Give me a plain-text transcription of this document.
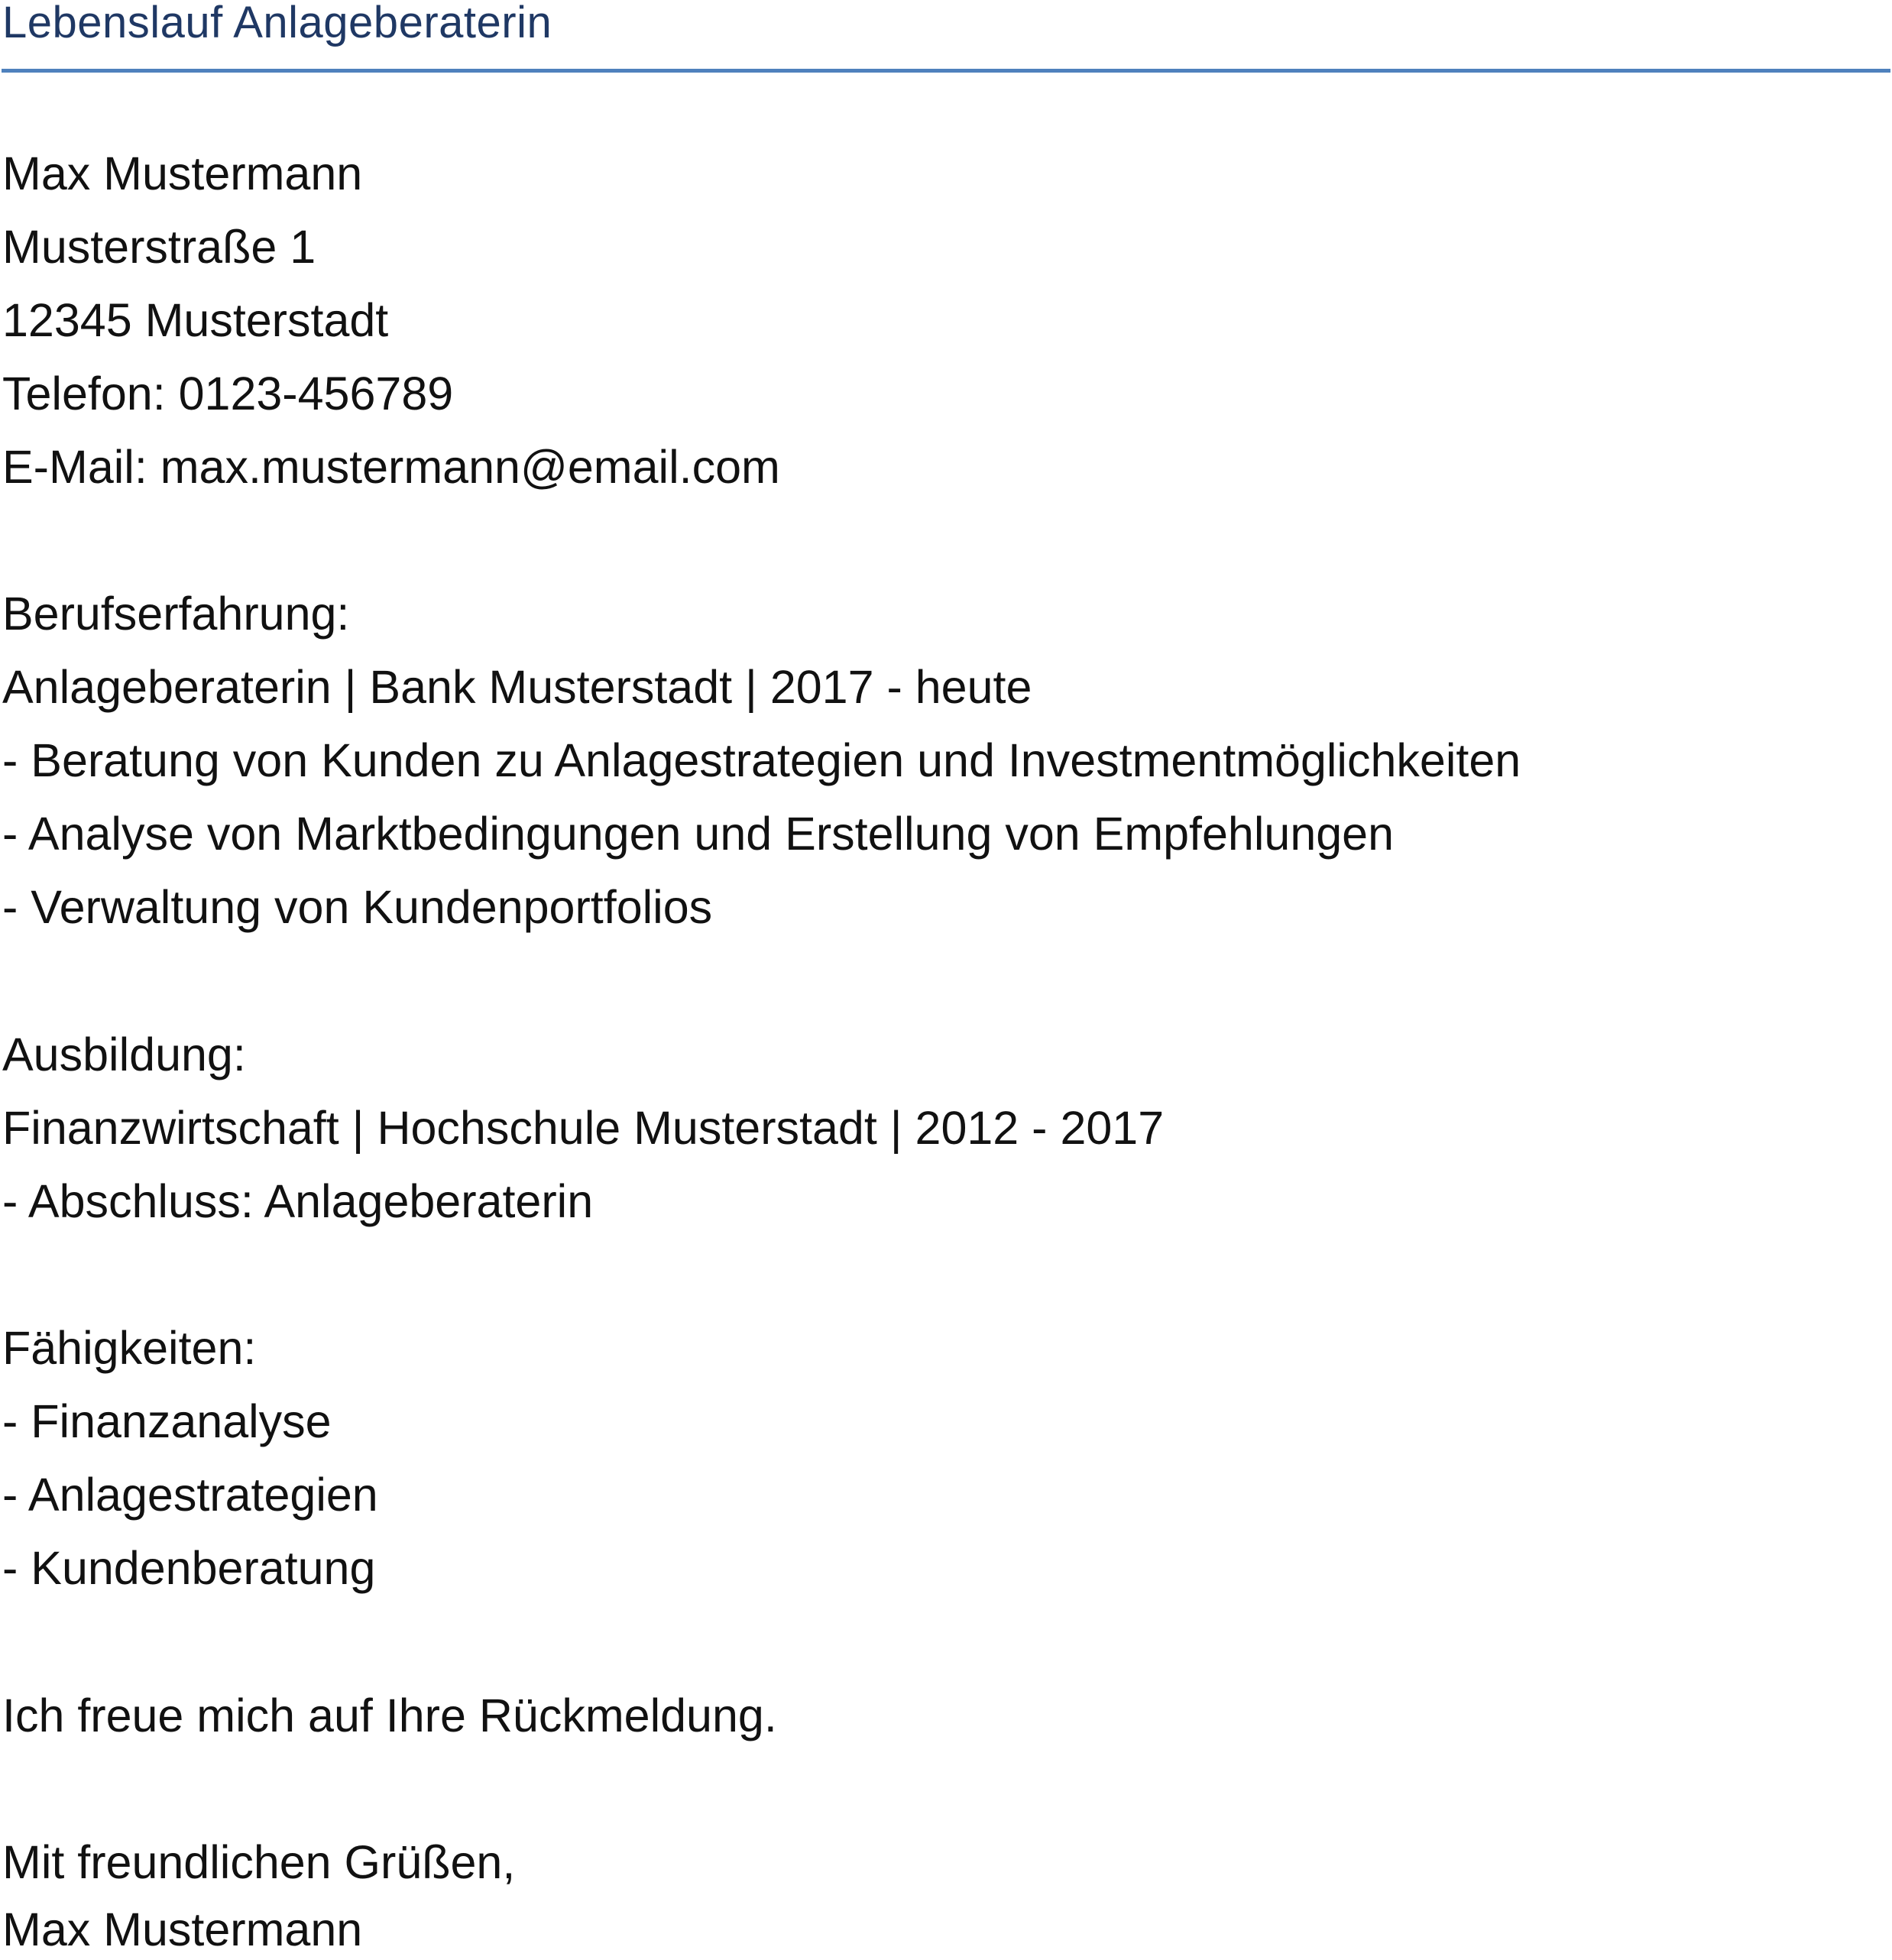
Lebenslauf Anlageberaterin
Max Mustermann
Musterstraße 1
12345 Musterstadt
Telefon: 0123-456789
E-Mail: max.mustermann@email.com
Berufserfahrung:
Anlageberaterin | Bank Musterstadt | 2017 - heute
- Beratung von Kunden zu Anlagestrategien und Investmentmöglichkeiten
- Analyse von Marktbedingungen und Erstellung von Empfehlungen
- Verwaltung von Kundenportfolios
Ausbildung:
Finanzwirtschaft | Hochschule Musterstadt | 2012 - 2017
- Abschluss: Anlageberaterin
Fähigkeiten:
- Finanzanalyse
- Anlagestrategien
- Kundenberatung
Ich freue mich auf Ihre Rückmeldung.
Mit freundlichen Grüßen,
Max Mustermann
